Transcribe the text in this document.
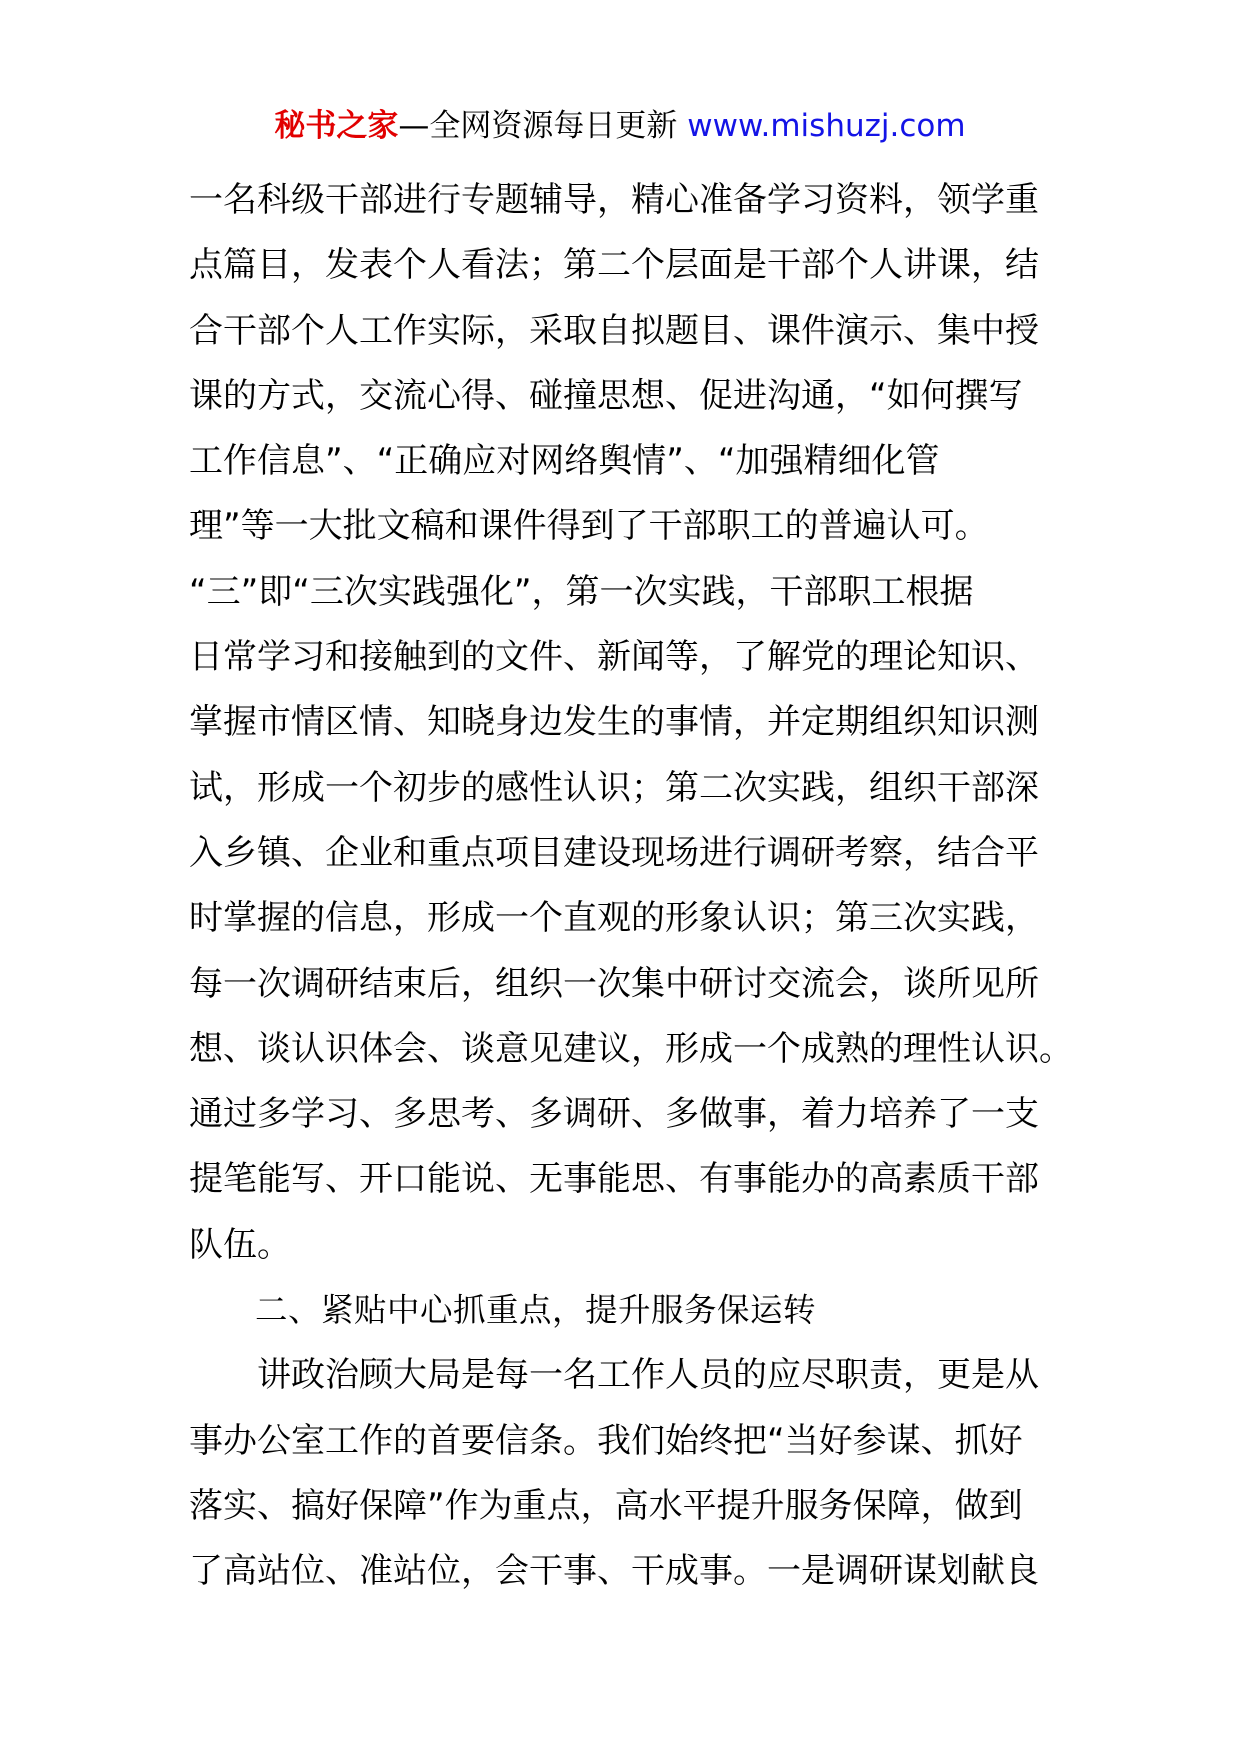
秘书之家—全网资源每日更新 www.mishuzj.com
一名科级干部进行专题辅导，精心准备学习资料，领学重
点篇目，发表个人看法；第二个层面是干部个人讲课，结
合干部个人工作实际，采取自拟题目、课件演示、集中授
课的方式，交流心得、碰撞思想、促进沟通，“如何撰写
工作信息”、“正确应对网络舆情”、“加强精细化管
理”等一大批文稿和课件得到了干部职工的普遍认可。
“三”即“三次实践强化”，第一次实践，干部职工根据
日常学习和接触到的文件、新闻等，了解党的理论知识、
掌握市情区情、知晓身边发生的事情，并定期组织知识测
试，形成一个初步的感性认识；第二次实践，组织干部深
入乡镇、企业和重点项目建设现场进行调研考察，结合平
时掌握的信息，形成一个直观的形象认识；第三次实践，
每一次调研结束后，组织一次集中研讨交流会，谈所见所
想、谈认识体会、谈意见建议，形成一个成熟的理性认识。
通过多学习、多思考、多调研、多做事，着力培养了一支
提笔能写、开口能说、无事能思、有事能办的高素质干部
队伍。
　　二、紧贴中心抓重点，提升服务保运转
　　讲政治顾大局是每一名工作人员的应尽职责，更是从
事办公室工作的首要信条。我们始终把“当好参谋、抓好
落实、搞好保障”作为重点，高水平提升服务保障，做到
了高站位、准站位，会干事、干成事。一是调研谋划献良
